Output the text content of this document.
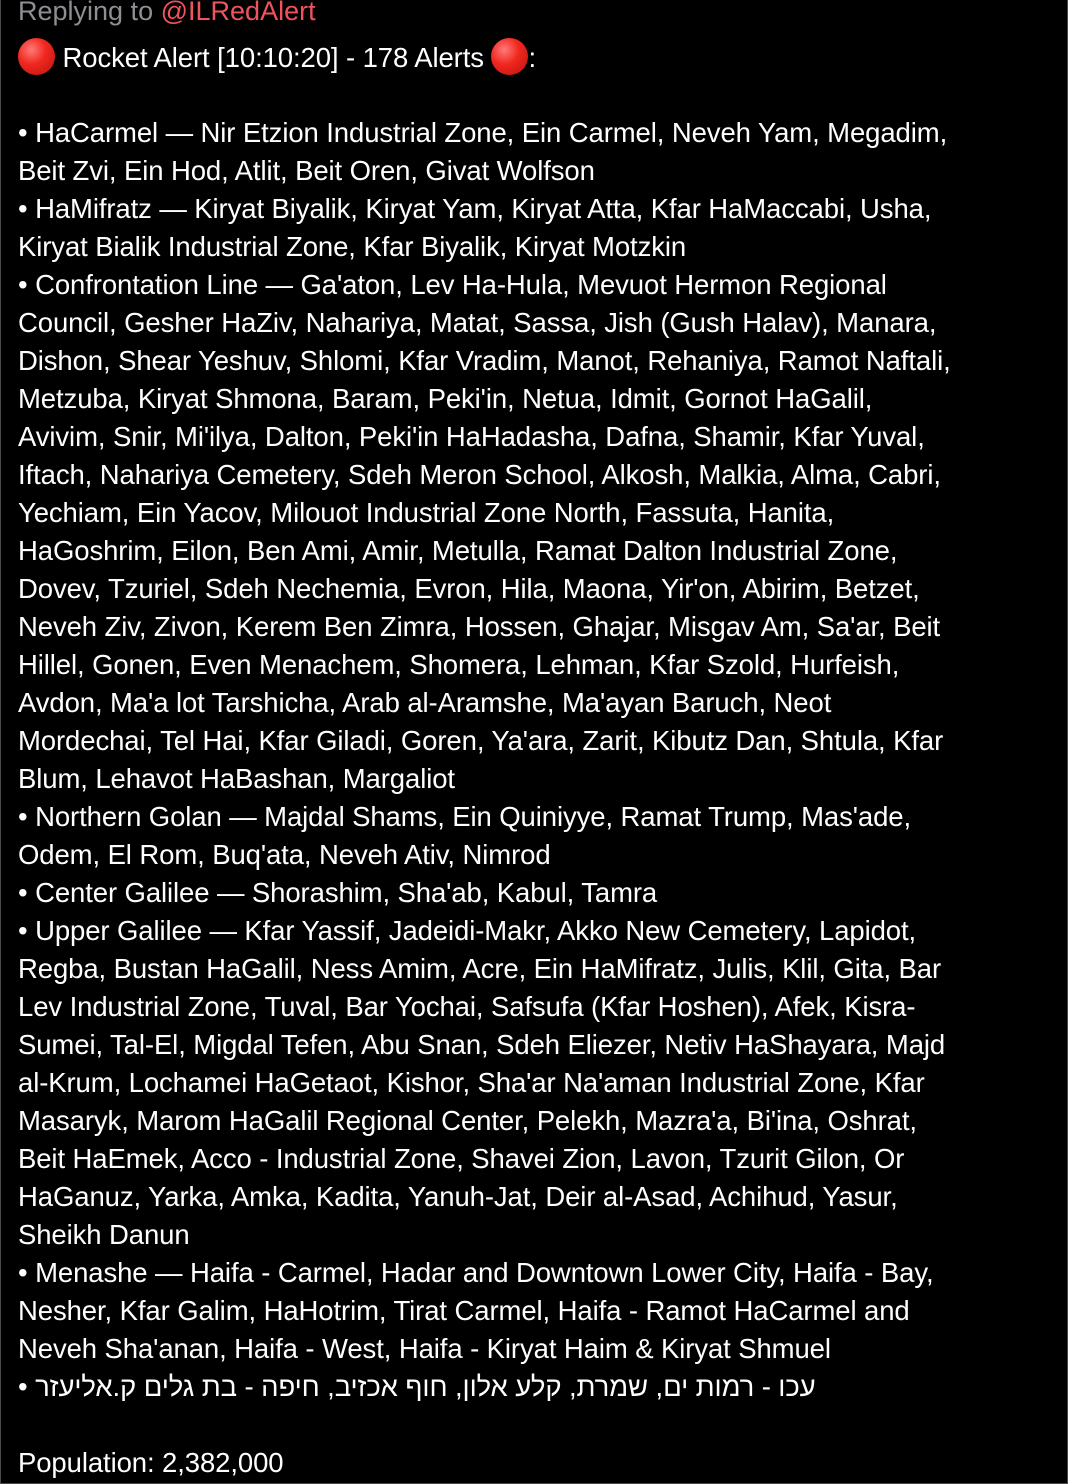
Replying to @ILRedAlert

Rocket Alert [10:10:20] - 178 Alerts :
• HaCarmel — Nir Etzion Industrial Zone, Ein Carmel, Neveh Yam, Megadim,
Beit Zvi, Ein Hod, Atlit, Beit Oren, Givat Wolfson
• HaMifratz — Kiryat Biyalik, Kiryat Yam, Kiryat Atta, Kfar HaMaccabi, Usha,
Kiryat Bialik Industrial Zone, Kfar Biyalik, Kiryat Motzkin
• Confrontation Line — Ga'aton, Lev Ha-Hula, Mevuot Hermon Regional
Council, Gesher HaZiv, Nahariya, Matat, Sassa, Jish (Gush Halav), Manara,
Dishon, Shear Yeshuv, Shlomi, Kfar Vradim, Manot, Rehaniya, Ramot Naftali,
Metzuba, Kiryat Shmona, Baram, Peki'in, Netua, Idmit, Gornot HaGalil,
Avivim, Snir, Mi'ilya, Dalton, Peki'in HaHadasha, Dafna, Shamir, Kfar Yuval,
Iftach, Nahariya Cemetery, Sdeh Meron School, Alkosh, Malkia, Alma, Cabri,
Yechiam, Ein Yacov, Milouot Industrial Zone North, Fassuta, Hanita,
HaGoshrim, Eilon, Ben Ami, Amir, Metulla, Ramat Dalton Industrial Zone,
Dovev, Tzuriel, Sdeh Nechemia, Evron, Hila, Maona, Yir'on, Abirim, Betzet,
Neveh Ziv, Zivon, Kerem Ben Zimra, Hossen, Ghajar, Misgav Am, Sa'ar, Beit
Hillel, Gonen, Even Menachem, Shomera, Lehman, Kfar Szold, Hurfeish,
Avdon, Ma'a lot Tarshicha, Arab al-Aramshe, Ma'ayan Baruch, Neot
Mordechai, Tel Hai, Kfar Giladi, Goren, Ya'ara, Zarit, Kibutz Dan, Shtula, Kfar
Blum, Lehavot HaBashan, Margaliot
• Northern Golan — Majdal Shams, Ein Quiniyye, Ramat Trump, Mas'ade,
Odem, El Rom, Buq'ata, Neveh Ativ, Nimrod
• Center Galilee — Shorashim, Sha'ab, Kabul, Tamra
• Upper Galilee — Kfar Yassif, Jadeidi-Makr, Akko New Cemetery, Lapidot,
Regba, Bustan HaGalil, Ness Amim, Acre, Ein HaMifratz, Julis, Klil, Gita, Bar
Lev Industrial Zone, Tuval, Bar Yochai, Safsufa (Kfar Hoshen), Afek, Kisra-
Sumei, Tal-El, Migdal Tefen, Abu Snan, Sdeh Eliezer, Netiv HaShayara, Majd
al-Krum, Lochamei HaGetaot, Kishor, Sha'ar Na'aman Industrial Zone, Kfar
Masaryk, Marom HaGalil Regional Center, Pelekh, Mazra'a, Bi'ina, Oshrat,
Beit HaEmek, Acco - Industrial Zone, Shavei Zion, Lavon, Tzurit Gilon, Or
HaGanuz, Yarka, Amka, Kadita, Yanuh-Jat, Deir al-Asad, Achihud, Yasur,
Sheikh Danun
• Menashe — Haifa - Carmel, Hadar and Downtown Lower City, Haifa - Bay,
Nesher, Kfar Galim, HaHotrim, Tirat Carmel, Haifa - Ramot HaCarmel and
Neveh Sha'anan, Haifa - West, Haifa - Kiryat Haim & Kiryat Shmuel
• עכו - רמות ים, שמרת, קלע אלון, חוף אכזיב, חיפה - בת גלים ק.אליעזר
Population: 2,382,000
